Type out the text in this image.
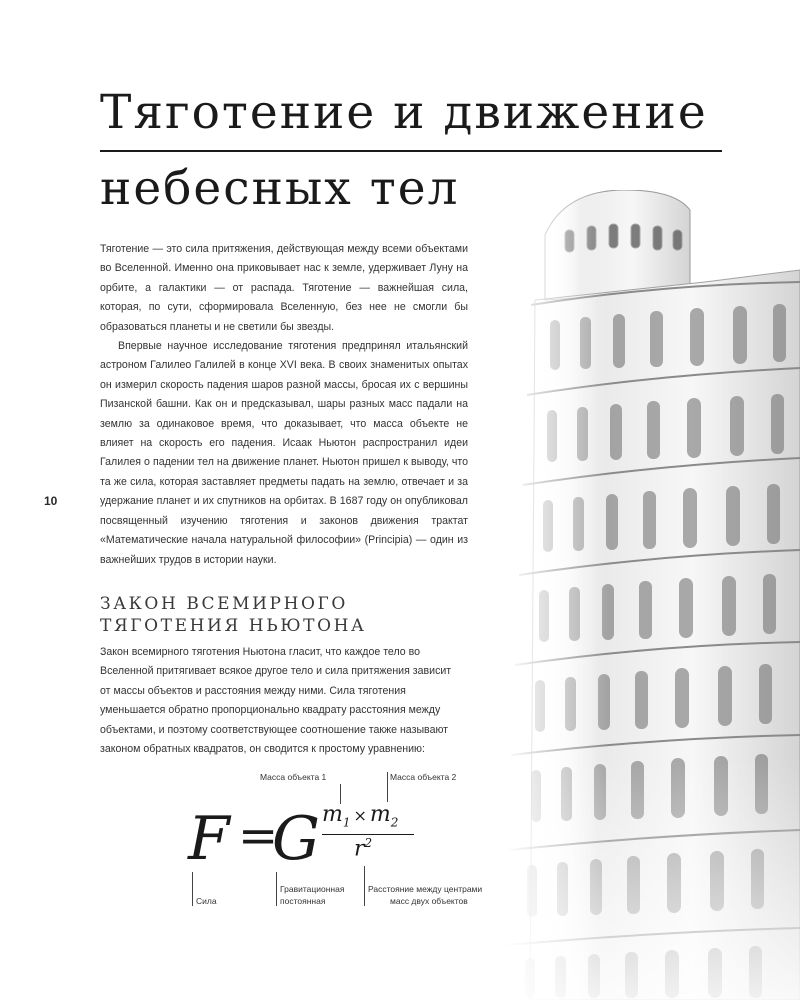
Тяготение и движение
небесных тел

Тяготение — это сила притяжения, действующая между всеми объектами во Вселенной. Именно она приковывает нас к земле, удерживает Луну на орбите, а галактики — от распада. Тяготение — важнейшая сила, которая, по сути, сформировала Вселенную, без нее не смогли бы образоваться планеты и не светили бы звезды.

Впервые научное исследование тяготения предпринял итальянский астроном Галилео Галилей в конце XVI века. В своих знаменитых опытах он измерил скорость падения шаров разной массы, бросая их с вершины Пизанской башни. Как он и предсказывал, шары разных масс падали на землю за одинаковое время, что доказывает, что масса объекте не влияет на скорость его падения. Исаак Ньютон распространил идеи Галилея о падении тел на движение планет. Ньютон пришел к выводу, что та же сила, которая заставляет предметы падать на землю, отвечает и за удержание планет и их спутников на орбитах. В 1687 году он опубликовал посвященный изучению тяготения и законов движения трактат «Математические начала натуральной философии» (Principia) — один из важнейших трудов в истории науки.

10
ЗАКОН ВСЕМИРНОГО
ТЯГОТЕНИЯ НЬЮТОНА

Закон всемирного тяготения Ньютона гласит, что каждое тело во Вселенной притягивает всякое другое тело и сила притяжения зависит от массы объектов и расстояния между ними. Сила тяготения уменьшается обратно пропорционально квадрату расстояния между объектами, и поэтому соответствующее соотношение также называют законом обратных квадратов, он сводится к простому уравнению:

Масса объекта 1	Масса объекта 2
F =
G $m_1 \times m_2$
$r^2$
Сила
Гравитационная
постоянная
Расстояние между центрами
масс двух объектов
